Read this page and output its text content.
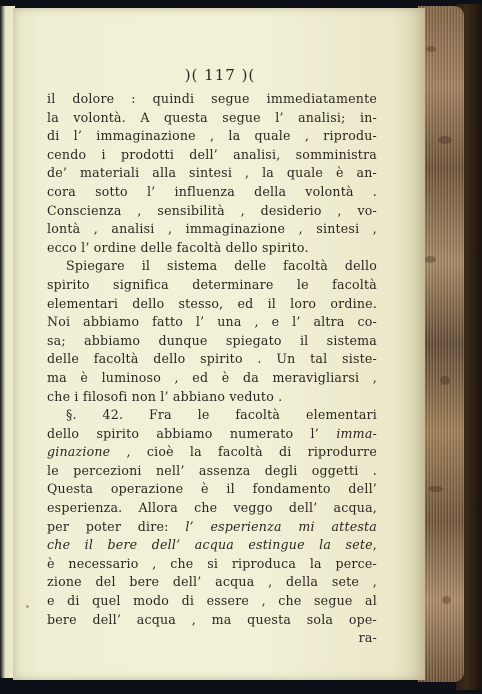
)( 117 )(
il dolore : quindi segue immediatamente
la volontà. A questa segue l’ analisi; in-
di l’ immaginazione , la quale , riprodu-
cendo i prodotti dell’ analisi, somministra
de’ materiali alla sintesi , la quale è an-
cora sotto l’ influenza della volontà .
Conscienza , sensibilità , desiderio , vo-
lontà , analisi , immaginazione , sintesi ,
ecco l’ ordine delle facoltà dello spirito.
Spiegare il sistema delle facoltà dello
spirito significa determinare le facoltà
elementari dello stesso, ed il loro ordine.
Noi abbiamo fatto l’ una , e l’ altra co-
sa; abbiamo dunque spiegato il sistema
delle facoltà dello spirito . Un tal siste-
ma è luminoso , ed è da meravigliarsi ,
che i filosofi non l’ abbiano veduto .
§. 42. Fra le facoltà elementari
dello spirito abbiamo numerato l’ imma-
ginazione , cioè la facoltà di riprodurre
le percezioni nell’ assenza degli oggetti .
Questa operazione è il fondamento dell’
esperienza. Allora che veggo dell’ acqua,
per poter dire: l’ esperienza mi attesta
che il bere dell’ acqua estingue la sete,
è necessario , che si riproduca la perce-
zione del bere dell’ acqua , della sete ,
e di quel modo di essere , che segue al
bere dell’ acqua , ma questa sola ope-
ra-
